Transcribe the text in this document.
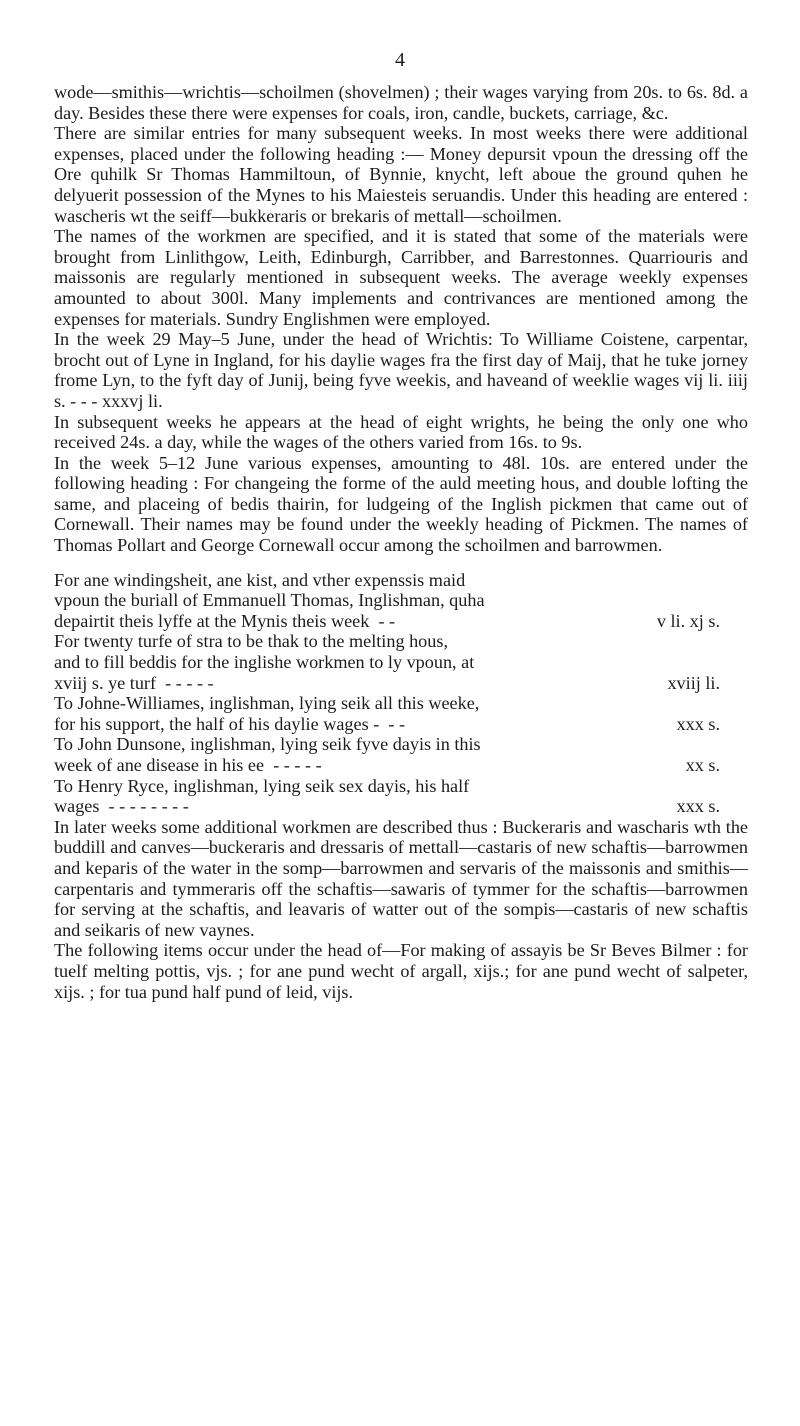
4

wode—smithis—wrichtis—schoilmen (shovelmen) ; their wages varying from 20s. to 6s. 8d. a day. Besides these there were expenses for coals, iron, candle, buckets, carriage, &c.

There are similar entries for many subsequent weeks. In most weeks there were additional expenses, placed under the following heading :— Money depursit vpoun the dressing off the Ore quhilk Sr Thomas Hammiltoun, of Bynnie, knycht, left aboue the ground quhen he delyuerit possession of the Mynes to his Maiesteis seruandis. Under this heading are entered : wascheris wt the seiff—bukkeraris or brekaris of mettall—schoilmen.

The names of the workmen are specified, and it is stated that some of the materials were brought from Linlithgow, Leith, Edinburgh, Carribber, and Barrestonnes. Quarriouris and maissonis are regularly mentioned in subsequent weeks. The average weekly expenses amounted to about 300l. Many implements and contrivances are mentioned among the expenses for materials. Sundry Englishmen were employed.

In the week 29 May–5 June, under the head of Wrichtis: To Williame Coistene, carpentar, brocht out of Lyne in Ingland, for his daylie wages fra the first day of Maij, that he tuke jorney frome Lyn, to the fyft day of Junij, being fyve weekis, and haveand of weeklie wages vij li. iiij s. - - - xxxvj li.

In subsequent weeks he appears at the head of eight wrights, he being the only one who received 24s. a day, while the wages of the others varied from 16s. to 9s.

In the week 5–12 June various expenses, amounting to 48l. 10s. are entered under the following heading : For changeing the forme of the auld meeting hous, and double lofting the same, and placeing of bedis thairin, for ludgeing of the Inglish pickmen that came out of Cornewall. Their names may be found under the weekly heading of Pickmen. The names of Thomas Pollart and George Cornewall occur among the schoilmen and barrowmen.

For ane windingsheit, ane kist, and vther expenssis maid
vpoun the buriall of Emmanuell Thomas, Inglishman, quha
depairtit theis lyffe at the Mynis theis week - -	v li. xj s.
For twenty turfe of stra to be thak to the melting hous,
and to fill beddis for the inglishe workmen to ly vpoun, at
xviij s. ye turf - - - - -	xviij li.
To Johne-Williames, inglishman, lying seik all this weeke,
for his support, the half of his daylie wages - - -	xxx s.
To John Dunsone, inglishman, lying seik fyve dayis in this
week of ane disease in his ee - - - - -	xx s.
To Henry Ryce, inglishman, lying seik sex dayis, his half
wages - - - - - - - -	xxx s.

In later weeks some additional workmen are described thus : Buckeraris and wascharis wth the buddill and canves—buckeraris and dressaris of mettall—castaris of new schaftis—barrowmen and keparis of the water in the somp—barrowmen and servaris of the maissonis and smithis—carpentaris and tymmeraris off the schaftis—sawaris of tymmer for the schaftis—barrowmen for serving at the schaftis, and leavaris of watter out of the sompis—castaris of new schaftis and seikaris of new vaynes.

The following items occur under the head of—For making of assayis be Sr Beves Bilmer : for tuelf melting pottis, vjs. ; for ane pund wecht of argall, xijs.; for ane pund wecht of salpeter, xijs. ; for tua pund half pund of leid, vijs.
